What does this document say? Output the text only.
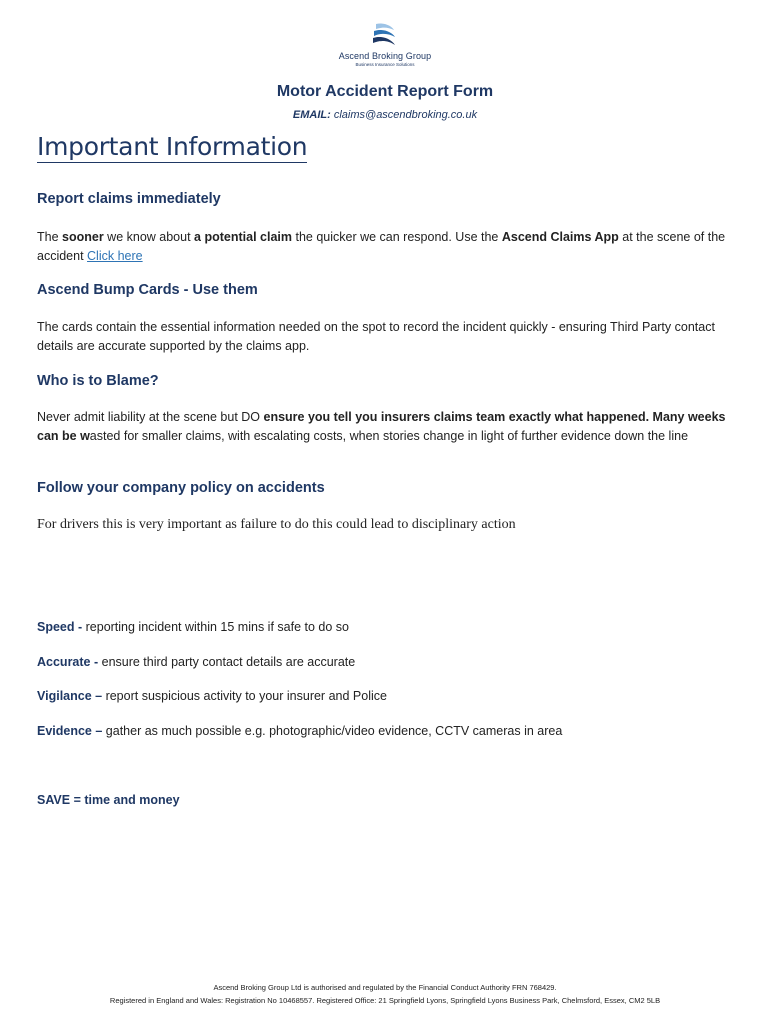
Ascend Broking Group
Business Insurance Solutions
Motor Accident Report Form
EMAIL: claims@ascendbroking.co.uk
Important Information
Report claims immediately
The sooner we know about a potential claim the quicker we can respond. Use the Ascend Claims App at the scene of the accident Click here
Ascend Bump Cards - Use them
The cards contain the essential information needed on the spot to record the incident quickly - ensuring Third Party contact details are accurate supported by the claims app.
Who is to Blame?
Never admit liability at the scene but DO ensure you tell you insurers claims team exactly what happened. Many weeks can be wasted for smaller claims, with escalating costs, when stories change in light of further evidence down the line
Follow your company policy on accidents
For drivers this is very important as failure to do this could lead to disciplinary action
Speed - reporting incident within 15 mins if safe to do so
Accurate - ensure third party contact details are accurate
Vigilance – report suspicious activity to your insurer and Police
Evidence – gather as much possible e.g. photographic/video evidence, CCTV cameras in area
SAVE = time and money
Ascend Broking Group Ltd is authorised and regulated by the Financial Conduct Authority FRN 768429.
Registered in England and Wales: Registration No 10468557. Registered Office: 21 Springfield Lyons, Springfield Lyons Business Park, Chelmsford, Essex, CM2 5LB
